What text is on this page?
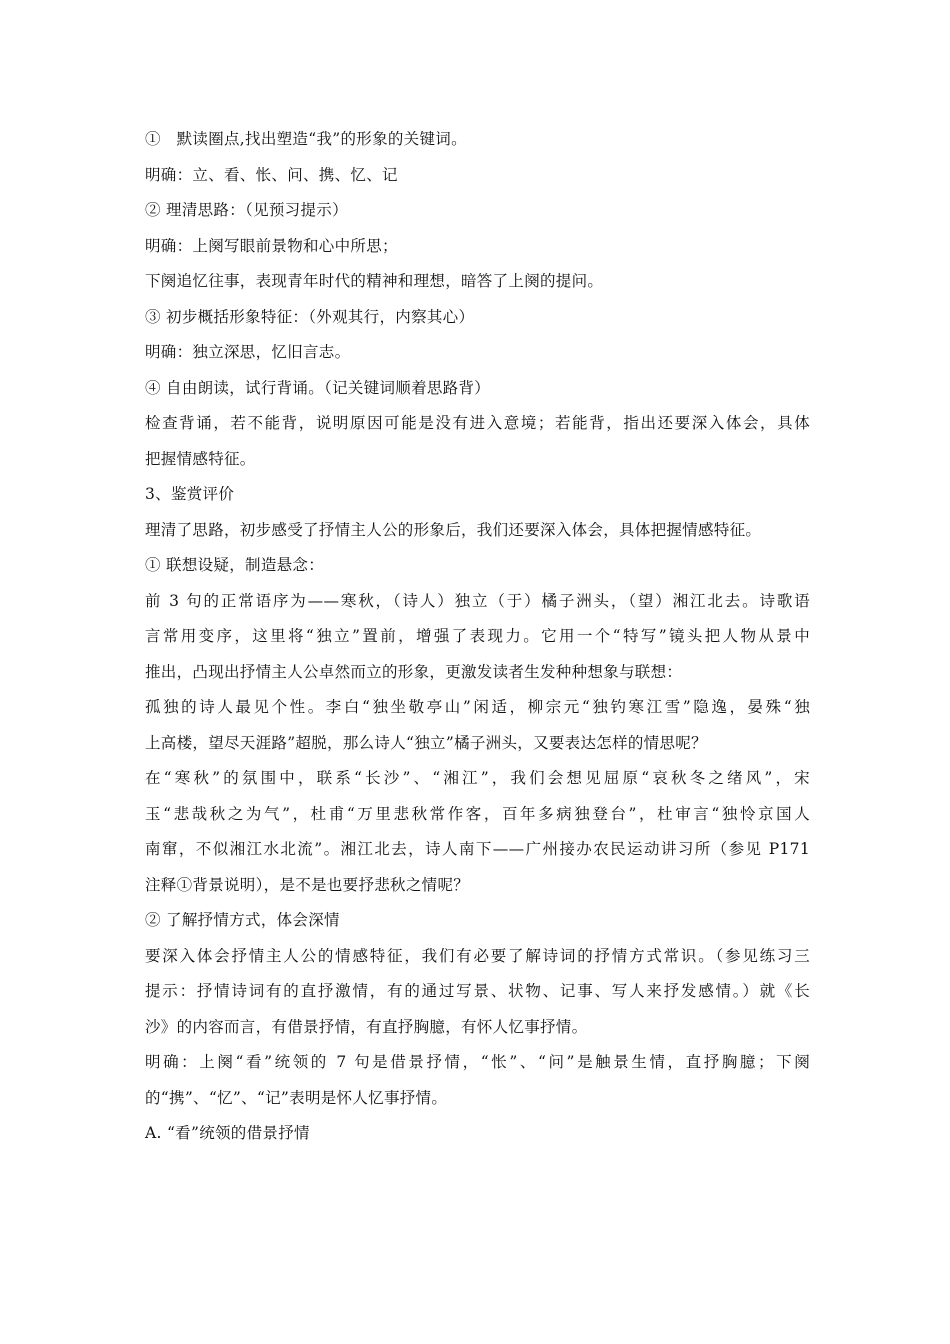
①　默读圈点,找出塑造“我”的形象的关键词。
明确：立、看、怅、问、携、忆、记
② 理清思路：（见预习提示）
明确：上阕写眼前景物和心中所思；
下阕追忆往事，表现青年时代的精神和理想，暗答了上阕的提问。
③ 初步概括形象特征：（外观其行，内察其心）
明确：独立深思，忆旧言志。
④ 自由朗读，试行背诵。（记关键词顺着思路背）
检查背诵，若不能背，说明原因可能是没有进入意境；若能背，指出还要深入体会，具体
把握情感特征。
3、鉴赏评价
理清了思路，初步感受了抒情主人公的形象后，我们还要深入体会，具体把握情感特征。
① 联想设疑，制造悬念：
前 3 句的正常语序为——寒秋，（诗人）独立（于）橘子洲头，（望）湘江北去。诗歌语
言常用变序，这里将“独立”置前，增强了表现力。它用一个“特写”镜头把人物从景中
推出，凸现出抒情主人公卓然而立的形象，更激发读者生发种种想象与联想：
孤独的诗人最见个性。李白“独坐敬亭山”闲适，柳宗元“独钓寒江雪”隐逸，晏殊“独
上高楼，望尽天涯路”超脱，那么诗人“独立”橘子洲头，又要表达怎样的情思呢？
在“寒秋”的氛围中，联系“长沙”、“湘江”，我们会想见屈原“哀秋冬之绪风”，宋
玉“悲哉秋之为气”，杜甫“万里悲秋常作客，百年多病独登台”，杜审言“独怜京国人
南窜，不似湘江水北流”。湘江北去，诗人南下——广州接办农民运动讲习所（参见 P171
注释①背景说明），是不是也要抒悲秋之情呢？
② 了解抒情方式，体会深情
要深入体会抒情主人公的情感特征，我们有必要了解诗词的抒情方式常识。（参见练习三
提示：抒情诗词有的直抒激情，有的通过写景、状物、记事、写人来抒发感情。）就《长
沙》的内容而言，有借景抒情，有直抒胸臆，有怀人忆事抒情。
明确：上阕“看”统领的 7 句是借景抒情，“怅”、“问”是触景生情，直抒胸臆；下阕
的“携”、“忆”、“记”表明是怀人忆事抒情。
A. “看”统领的借景抒情
